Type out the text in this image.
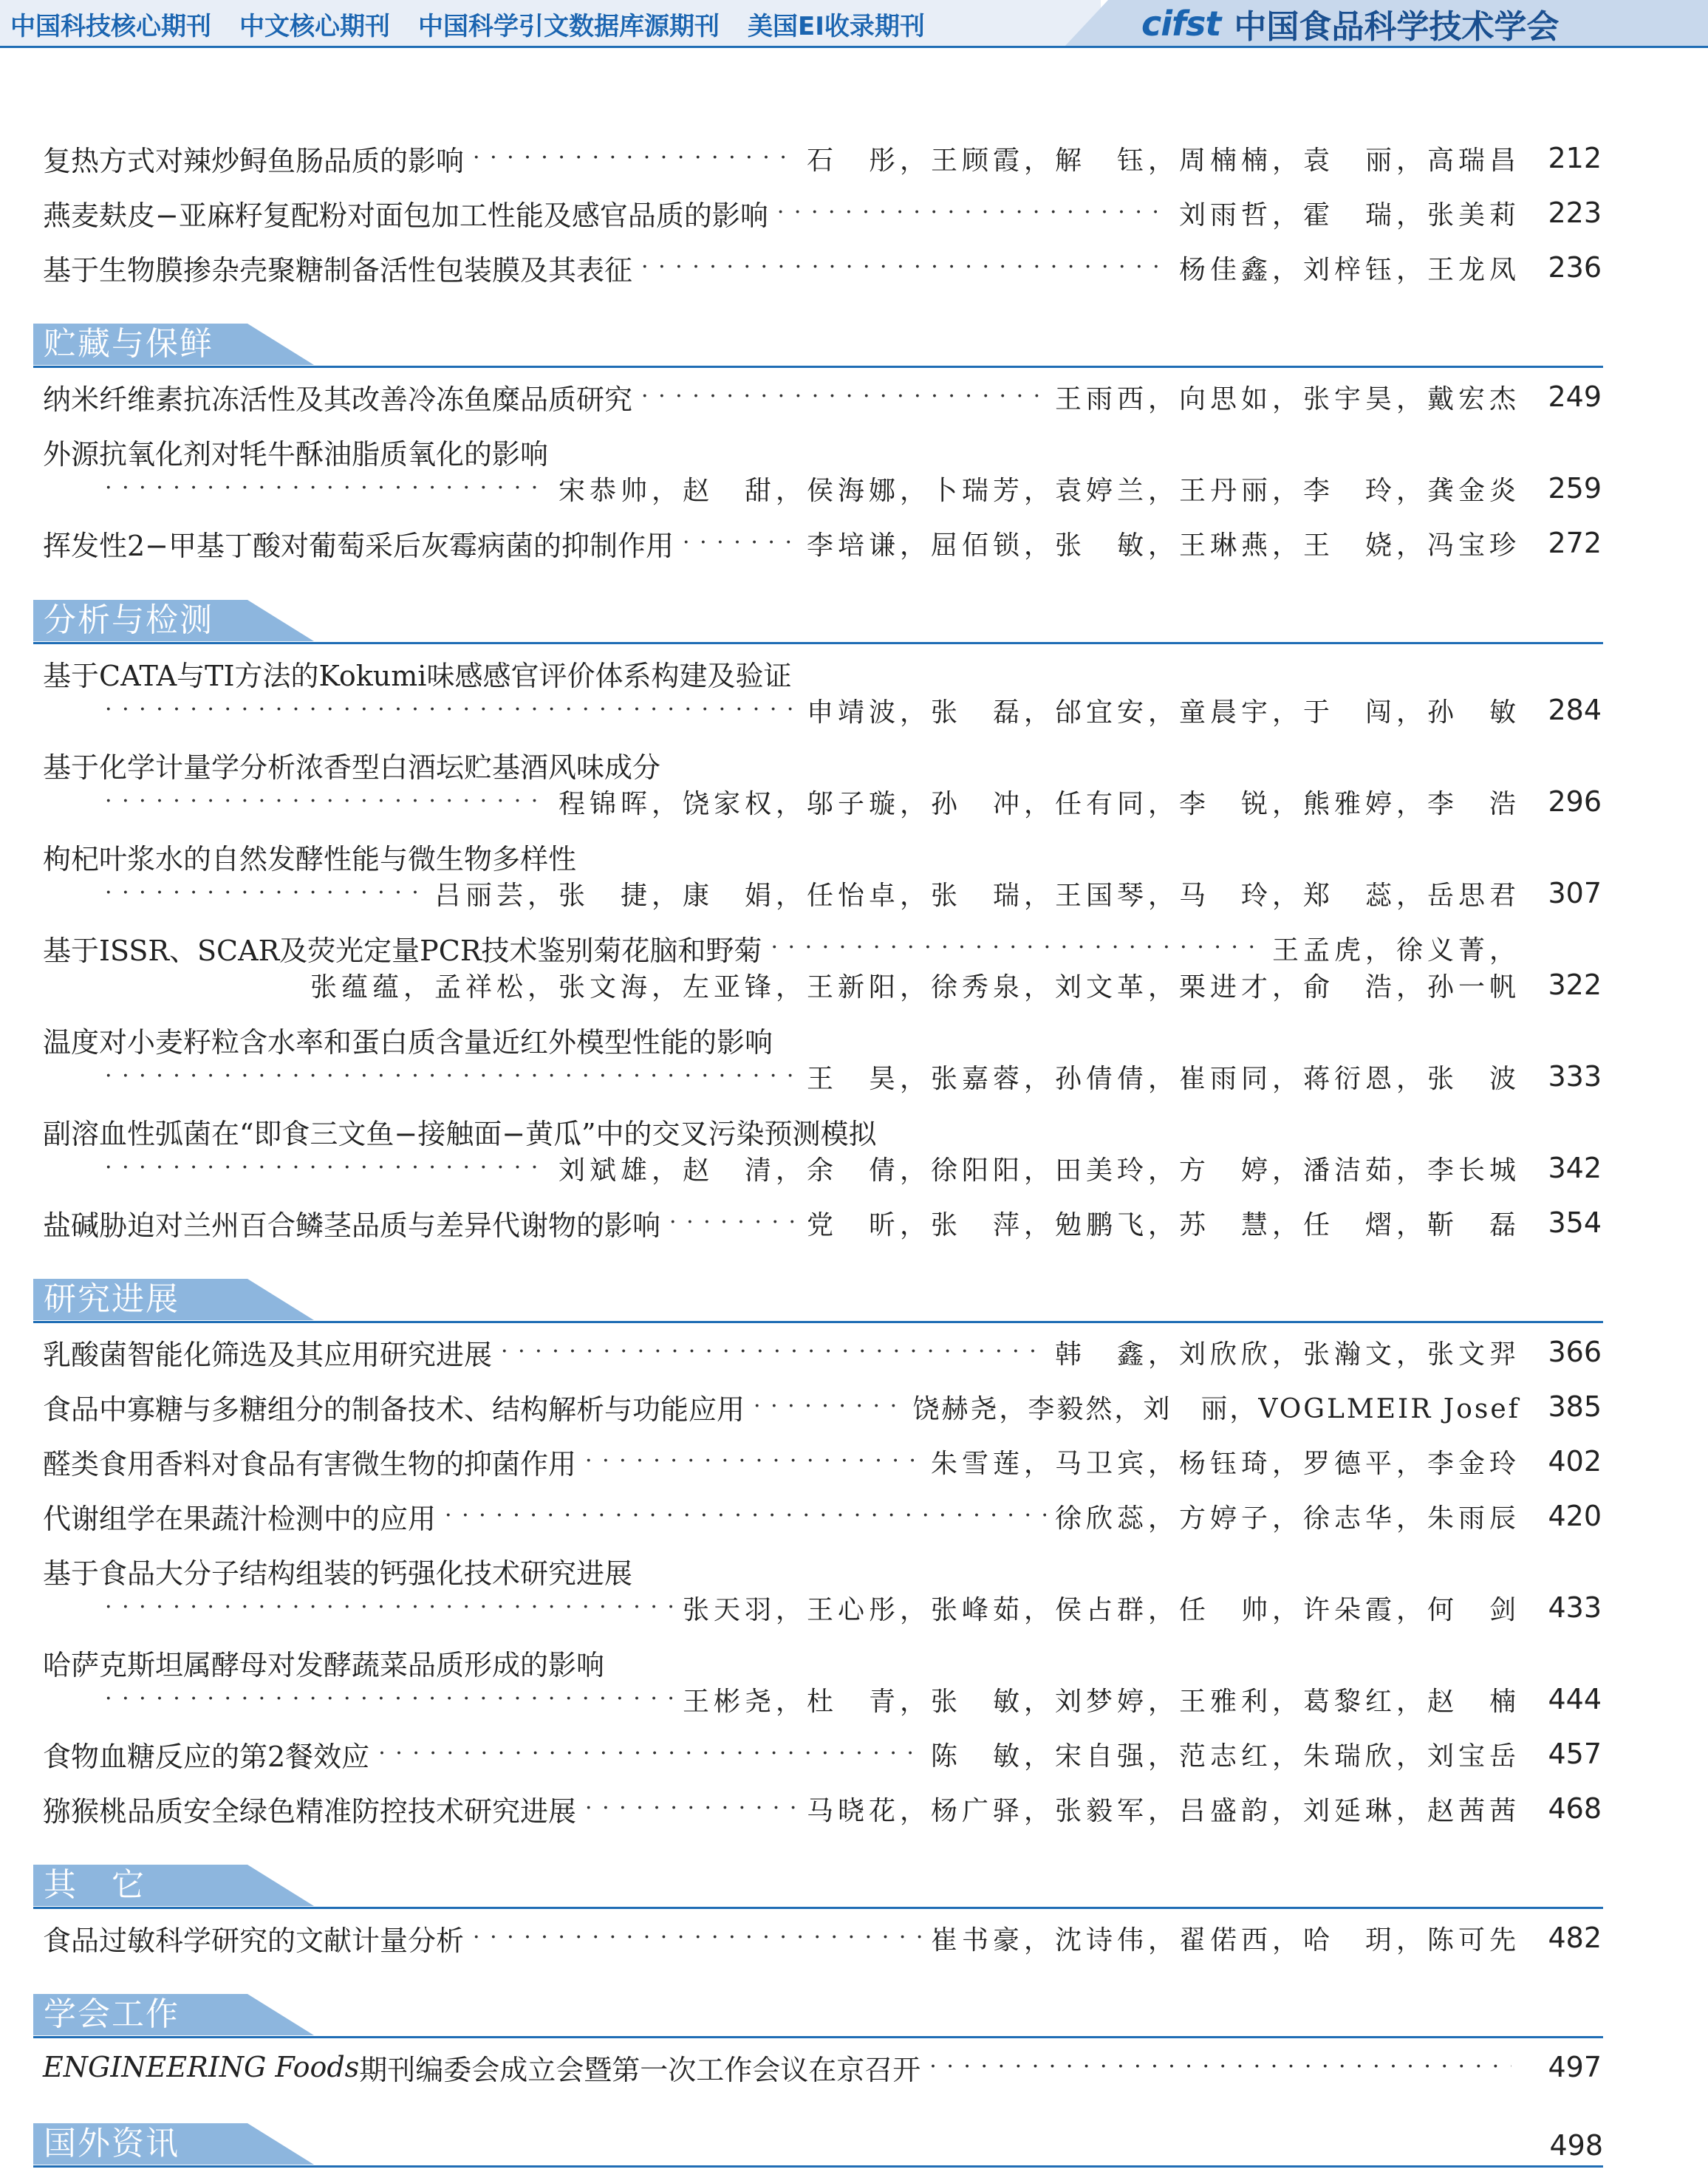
中国科技核心期刊 中文核心期刊 中国科学引文数据库源期刊 美国EI收录期刊	cifst 中国食品科学技术学会
复热方式对辣炒鲟鱼肠品质的影响 · · ·	石　彤，王顾霞，解　钰，周楠楠，袁　丽，高瑞昌 212
燕麦麸皮−亚麻籽复配粉对面包加工性能及感官品质的影响 · · ·	刘雨哲，霍　瑞，张美莉 223
基于生物膜掺杂壳聚糖制备活性包装膜及其表征 · · ·	杨佳鑫，刘梓钰，王龙凤 236
贮藏与保鲜
纳米纤维素抗冻活性及其改善冷冻鱼糜品质研究 · · ·	王雨西，向思如，张宇昊，戴宏杰 249
外源抗氧化剂对牦牛酥油脂质氧化的影响
· · ·
宋恭帅，赵　甜，侯海娜，卜瑞芳，袁婷兰，王丹丽，李　玲，龚金炎 259
挥发性2−甲基丁酸对葡萄采后灰霉病菌的抑制作用 · · ·	李培谦，屈佰锁，张　敏，王琳燕，王　娆，冯宝珍 272
分析与检测
基于CATA与TI方法的Kokumi味感感官评价体系构建及验证
· · ·
申靖波，张　磊，邰宜安，童晨宇，于　闯，孙　敏 284
基于化学计量学分析浓香型白酒坛贮基酒风味成分
· · ·
程锦晖，饶家权，邬子璇，孙　冲，任有同，李　锐，熊雅婷，李　浩 296
枸杞叶浆水的自然发酵性能与微生物多样性
· · ·
吕丽芸，张　捷，康　娟，任怡卓，张　瑞，王国琴，马　玲，郑　蕊，岳思君 307
基于ISSR、SCAR及荧光定量PCR技术鉴别菊花脑和野菊 · · ·	王孟虎，徐义菁，
张蕴蕴，孟祥松，张文海，左亚锋，王新阳，徐秀泉，刘文革，栗进才，俞　浩，孙一帆 322
温度对小麦籽粒含水率和蛋白质含量近红外模型性能的影响
· · ·
王　昊，张嘉蓉，孙倩倩，崔雨同，蒋衍恩，张　波 333
副溶血性弧菌在“即食三文鱼−接触面−黄瓜”中的交叉污染预测模拟
· · ·
刘斌雄，赵　清，余　倩，徐阳阳，田美玲，方　婷，潘洁茹，李长城 342
盐碱胁迫对兰州百合鳞茎品质与差异代谢物的影响 · · ·	党　昕，张　萍，勉鹏飞，苏　慧，任　熠，靳　磊 354
研究进展
乳酸菌智能化筛选及其应用研究进展 · · ·	韩　鑫，刘欣欣，张瀚文，张文羿 366
食品中寡糖与多糖组分的制备技术、结构解析与功能应用 · · ·	饶赫尧，李毅然，刘　丽，VOGLMEIR Josef 385
醛类食用香料对食品有害微生物的抑菌作用 · · ·	朱雪莲，马卫宾，杨钰琦，罗德平，李金玲 402
代谢组学在果蔬汁检测中的应用 · · ·	徐欣蕊，方婷子，徐志华，朱雨辰 420
基于食品大分子结构组装的钙强化技术研究进展
· · ·
张天羽，王心彤，张峰茹，侯占群，任　帅，许朵霞，何　剑 433
哈萨克斯坦属酵母对发酵蔬菜品质形成的影响
· · ·
王彬尧，杜　青，张　敏，刘梦婷，王雅利，葛黎红，赵　楠 444
食物血糖反应的第2餐效应 · · ·	陈　敏，宋自强，范志红，朱瑞欣，刘宝岳 457
猕猴桃品质安全绿色精准防控技术研究进展 · · ·	马晓花，杨广驿，张毅军，吕盛韵，刘延琳，赵茜茜 468
其　它
食品过敏科学研究的文献计量分析 · · ·	崔书豪，沈诗伟，翟偌西，哈　玥，陈可先 482
学会工作
ENGINEERING Foods 期刊编委会成立会暨第一次工作会议在京召开 · · ·	497
国外资讯	498
